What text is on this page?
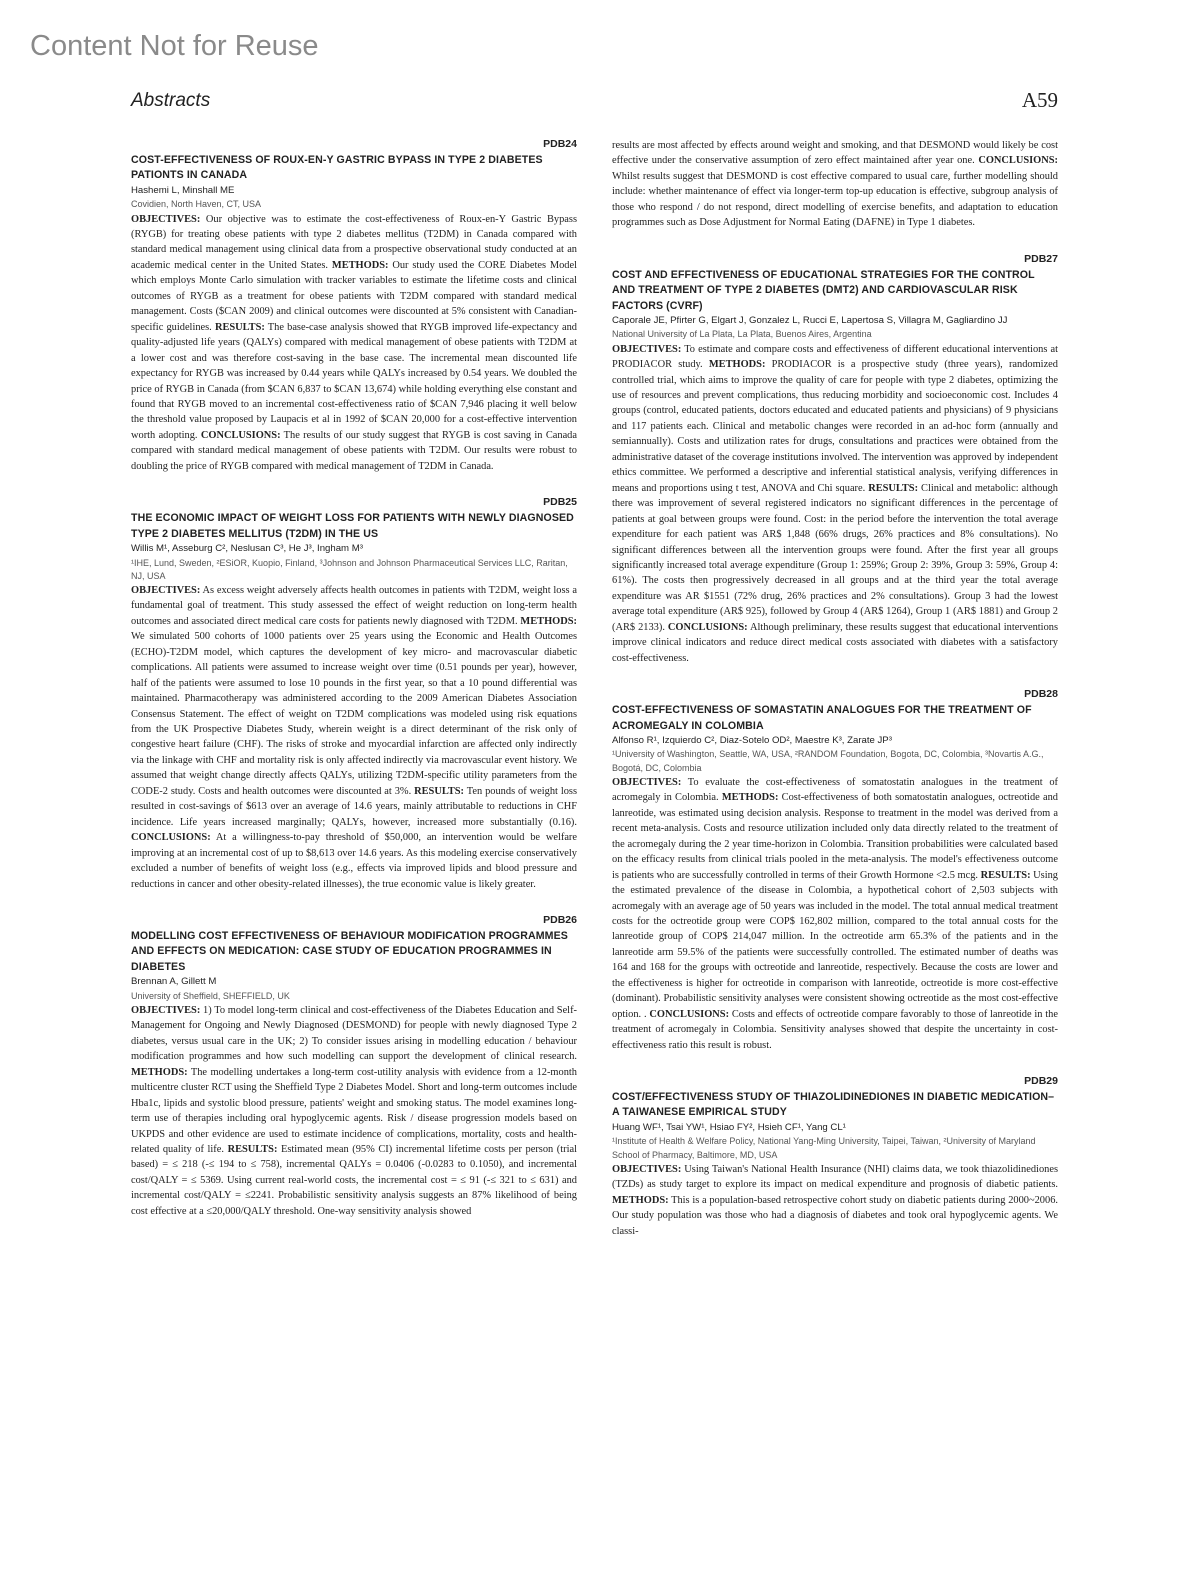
Content Not for Reuse
Abstracts	A59
PDB24
COST-EFFECTIVENESS OF ROUX-EN-Y GASTRIC BYPASS IN TYPE 2 DIABETES PATIONTS IN CANADA
Hashemi L, Minshall ME
Covidien, North Haven, CT, USA

OBJECTIVES: Our objective was to estimate the cost-effectiveness of Roux-en-Y Gastric Bypass (RYGB) for treating obese patients with type 2 diabetes mellitus (T2DM) in Canada compared with standard medical management using clinical data from a prospective observational study conducted at an academic medical center in the United States. METHODS: Our study used the CORE Diabetes Model which employs Monte Carlo simulation with tracker variables to estimate the lifetime costs and clinical outcomes of RYGB as a treatment for obese patients with T2DM compared with standard medical management. Costs ($CAN 2009) and clinical outcomes were discounted at 5% consistent with Canadian-specific guidelines. RESULTS: The base-case analysis showed that RYGB improved life-expectancy and quality-adjusted life years (QALYs) compared with medical management of obese patients with T2DM at a lower cost and was therefore cost-saving in the base case. The incremental mean discounted life expectancy for RYGB was increased by 0.44 years while QALYs increased by 0.54 years. We doubled the price of RYGB in Canada (from $CAN 6,837 to $CAN 13,674) while holding everything else constant and found that RYGB moved to an incremental cost-effectiveness ratio of $CAN 7,946 placing it well below the threshold value proposed by Laupacis et al in 1992 of $CAN 20,000 for a cost-effective intervention worth adopting. CONCLUSIONS: The results of our study suggest that RYGB is cost saving in Canada compared with standard medical management of obese patients with T2DM. Our results were robust to doubling the price of RYGB compared with medical management of T2DM in Canada.

PDB25
THE ECONOMIC IMPACT OF WEIGHT LOSS FOR PATIENTS WITH NEWLY DIAGNOSED TYPE 2 DIABETES MELLITUS (T2DM) IN THE US
Willis M¹, Asseburg C², Neslusan C³, He J³, Ingham M³
¹IHE, Lund, Sweden, ²ESiOR, Kuopio, Finland, ³Johnson and Johnson Pharmaceutical Services LLC, Raritan, NJ, USA

OBJECTIVES: As excess weight adversely affects health outcomes in patients with T2DM, weight loss a fundamental goal of treatment. This study assessed the effect of weight reduction on long-term health outcomes and associated direct medical care costs for patients newly diagnosed with T2DM. METHODS: We simulated 500 cohorts of 1000 patients over 25 years using the Economic and Health Outcomes (ECHO)-T2DM model, which captures the development of key micro- and macrovascular diabetic complications. All patients were assumed to increase weight over time (0.51 pounds per year), however, half of the patients were assumed to lose 10 pounds in the first year, so that a 10 pound differential was maintained. Pharmacotherapy was administered according to the 2009 American Diabetes Association Consensus Statement. The effect of weight on T2DM complications was modeled using risk equations from the UK Prospective Diabetes Study, wherein weight is a direct determinant of the risk only of congestive heart failure (CHF). The risks of stroke and myocardial infarction are affected only indirectly via the linkage with CHF and mortality risk is only affected indirectly via macrovascular event history. We assumed that weight change directly affects QALYs, utilizing T2DM-specific utility parameters from the CODE-2 study. Costs and health outcomes were discounted at 3%. RESULTS: Ten pounds of weight loss resulted in cost-savings of $613 over an average of 14.6 years, mainly attributable to reductions in CHF incidence. Life years increased marginally; QALYs, however, increased more substantially (0.16). CONCLUSIONS: At a willingness-to-pay threshold of $50,000, an intervention would be welfare improving at an incremental cost of up to $8,613 over 14.6 years. As this modeling exercise conservatively excluded a number of benefits of weight loss (e.g., effects via improved lipids and blood pressure and reductions in cancer and other obesity-related illnesses), the true economic value is likely greater.

PDB26
MODELLING COST EFFECTIVENESS OF BEHAVIOUR MODIFICATION PROGRAMMES AND EFFECTS ON MEDICATION: CASE STUDY OF EDUCATION PROGRAMMES IN DIABETES
Brennan A, Gillett M
University of Sheffield, SHEFFIELD, UK

OBJECTIVES: 1) To model long-term clinical and cost-effectiveness of the Diabetes Education and Self-Management for Ongoing and Newly Diagnosed (DESMOND) for people with newly diagnosed Type 2 diabetes, versus usual care in the UK; 2) To consider issues arising in modelling education / behaviour modification programmes and how such modelling can support the development of clinical research. METHODS: The modelling undertakes a long-term cost-utility analysis with evidence from a 12-month multicentre cluster RCT using the Sheffield Type 2 Diabetes Model. Short and long-term outcomes include Hba1c, lipids and systolic blood pressure, patients' weight and smoking status. The model examines long-term use of therapies including oral hypoglycemic agents. Risk / disease progression models based on UKPDS and other evidence are used to estimate incidence of complications, mortality, costs and health-related quality of life. RESULTS: Estimated mean (95% CI) incremental lifetime costs per person (trial based) = ≤ 218 (-≤ 194 to ≤ 758), incremental QALYs = 0.0406 (-0.0283 to 0.1050), and incremental cost/QALY = ≤ 5369. Using current real-world costs, the incremental cost = ≤ 91 (-≤ 321 to ≤ 631) and incremental cost/QALY = ≤2241. Probabilistic sensitivity analysis suggests an 87% likelihood of being cost effective at a ≤20,000/QALY threshold. One-way sensitivity analysis showed

results are most affected by effects around weight and smoking, and that DESMOND would likely be cost effective under the conservative assumption of zero effect maintained after year one. CONCLUSIONS: Whilst results suggest that DESMOND is cost effective compared to usual care, further modelling should include: whether maintenance of effect via longer-term top-up education is effective, subgroup analysis of those who respond / do not respond, direct modelling of exercise benefits, and adaptation to education programmes such as Dose Adjustment for Normal Eating (DAFNE) in Type 1 diabetes.

PDB27
COST AND EFFECTIVENESS OF EDUCATIONAL STRATEGIES FOR THE CONTROL AND TREATMENT OF TYPE 2 DIABETES (DMT2) AND CARDIOVASCULAR RISK FACTORS (CVRF)
Caporale JE, Pfirter G, Elgart J, Gonzalez L, Rucci E, Lapertosa S, Villagra M, Gagliardino JJ
National University of La Plata, La Plata, Buenos Aires, Argentina

OBJECTIVES: To estimate and compare costs and effectiveness of different educational interventions at PRODIACOR study. METHODS: PRODIACOR is a prospective study (three years), randomized controlled trial, which aims to improve the quality of care for people with type 2 diabetes, optimizing the use of resources and prevent complications, thus reducing morbidity and socioeconomic cost. Includes 4 groups (control, educated patients, doctors educated and educated patients and physicians) of 9 physicians and 117 patients each. Clinical and metabolic changes were recorded in an ad-hoc form (annually and semiannually). Costs and utilization rates for drugs, consultations and practices were obtained from the administrative dataset of the coverage institutions involved. The intervention was approved by independent ethics committee. We performed a descriptive and inferential statistical analysis, verifying differences in means and proportions using t test, ANOVA and Chi square. RESULTS: Clinical and metabolic: although there was improvement of several registered indicators no significant differences in the percentage of patients at goal between groups were found. Cost: in the period before the intervention the total average expenditure for each patient was AR$ 1,848 (66% drugs, 26% practices and 8% consultations). No significant differences between all the intervention groups were found. After the first year all groups significantly increased total average expenditure (Group 1: 259%; Group 2: 39%, Group 3: 59%, Group 4: 61%). The costs then progressively decreased in all groups and at the third year the total average expenditure was AR $1551 (72% drug, 26% practices and 2% consultations). Group 3 had the lowest average total expenditure (AR$ 925), followed by Group 4 (AR$ 1264), Group 1 (AR$ 1881) and Group 2 (AR$ 2133). CONCLUSIONS: Although preliminary, these results suggest that educational interventions improve clinical indicators and reduce direct medical costs associated with diabetes with a satisfactory cost-effectiveness.

PDB28
COST-EFFECTIVENESS OF SOMASTATIN ANALOGUES FOR THE TREATMENT OF ACROMEGALY IN COLOMBIA
Alfonso R¹, Izquierdo C², Diaz-Sotelo OD², Maestre K³, Zarate JP³
¹University of Washington, Seattle, WA, USA, ²RANDOM Foundation, Bogota, DC, Colombia, ³Novartis A.G., Bogotá, DC, Colombia

OBJECTIVES: To evaluate the cost-effectiveness of somatostatin analogues in the treatment of acromegaly in Colombia. METHODS: Cost-effectiveness of both somatostatin analogues, octreotide and lanreotide, was estimated using decision analysis. Response to treatment in the model was derived from a recent meta-analysis. Costs and resource utilization included only data directly related to the treatment of the acromegaly during the 2 year time-horizon in Colombia. Transition probabilities were calculated based on the efficacy results from clinical trials pooled in the meta-analysis. The model's effectiveness outcome is patients who are successfully controlled in terms of their Growth Hormone <2.5 mcg. RESULTS: Using the estimated prevalence of the disease in Colombia, a hypothetical cohort of 2,503 subjects with acromegaly with an average age of 50 years was included in the model. The total annual medical treatment costs for the octreotide group were COP$ 162,802 million, compared to the total annual costs for the lanreotide group of COP$ 214,047 million. In the octreotide arm 65.3% of the patients and in the lanreotide arm 59.5% of the patients were successfully controlled. The estimated number of deaths was 164 and 168 for the groups with octreotide and lanreotide, respectively. Because the costs are lower and the effectiveness is higher for octreotide in comparison with lanreotide, octreotide is more cost-effective (dominant). Probabilistic sensitivity analyses were consistent showing octreotide as the most cost-effective option. . CONCLUSIONS: Costs and effects of octreotide compare favorably to those of lanreotide in the treatment of acromegaly in Colombia. Sensitivity analyses showed that despite the uncertainty in cost-effectiveness ratio this result is robust.

PDB29
COST/EFFECTIVENESS STUDY OF THIAZOLIDINEDIONES IN DIABETIC MEDICATION–A TAIWANESE EMPIRICAL STUDY
Huang WF¹, Tsai YW¹, Hsiao FY², Hsieh CF¹, Yang CL¹
¹Institute of Health & Welfare Policy, National Yang-Ming University, Taipei, Taiwan, ²University of Maryland School of Pharmacy, Baltimore, MD, USA

OBJECTIVES: Using Taiwan's National Health Insurance (NHI) claims data, we took thiazolidinediones (TZDs) as study target to explore its impact on medical expenditure and prognosis of diabetic patients. METHODS: This is a population-based retrospective cohort study on diabetic patients during 2000~2006. Our study population was those who had a diagnosis of diabetes and took oral hypoglycemic agents. We classi-
